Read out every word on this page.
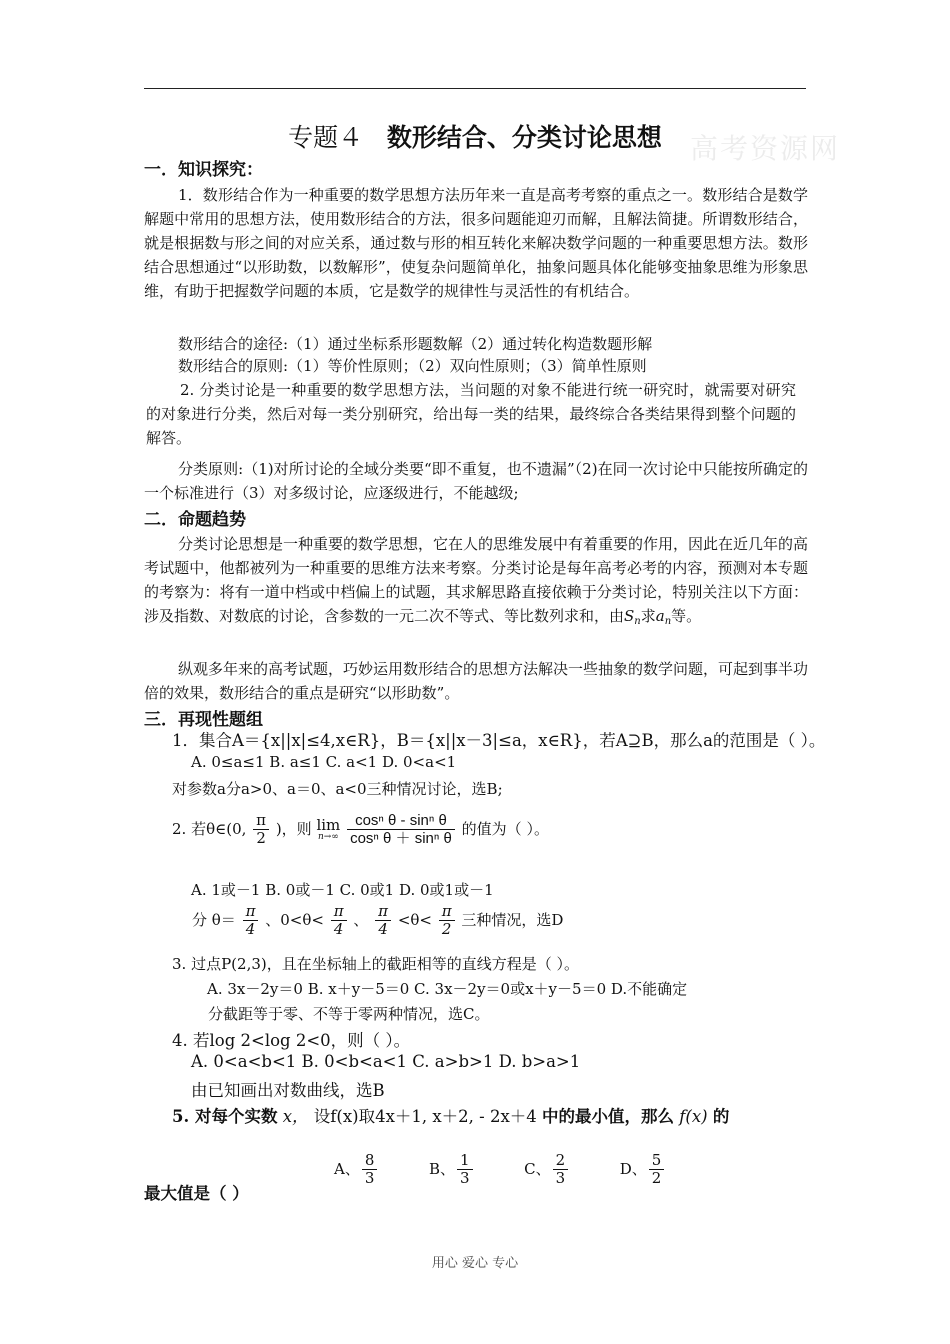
专题４ 数形结合、分类讨论思想	高考资源网
一．知识探究：

1．数形结合作为一种重要的数学思想方法历年来一直是高考考察的重点之一。数形结合是数学解题中常用的思想方法，使用数形结合的方法，很多问题能迎刃而解，且解法简捷。所谓数形结合，就是根据数与形之间的对应关系，通过数与形的相互转化来解决数学问题的一种重要思想方法。数形结合思想通过“以形助数，以数解形”，使复杂问题简单化，抽象问题具体化能够变抽象思维为形象思维，有助于把握数学问题的本质，它是数学的规律性与灵活性的有机结合。

数形结合的途径:（1）通过坐标系形题数解（2）通过转化构造数题形解
数形结合的原则:（1）等价性原则；（2）双向性原则；（3）简单性原则

2. 分类讨论是一种重要的数学思想方法，当问题的对象不能进行统一研究时，就需要对研究的对象进行分类，然后对每一类分别研究，给出每一类的结果，最终综合各类结果得到整个问题的解答。

分类原则:（1)对所讨论的全域分类要“即不重复，也不遗漏”（2)在同一次讨论中只能按所确定的一个标准进行（3）对多级讨论，应逐级进行，不能越级;

二．命题趋势

分类讨论思想是一种重要的数学思想，它在人的思维发展中有着重要的作用，因此在近几年的高考试题中，他都被列为一种重要的思维方法来考察。分类讨论是每年高考必考的内容，预测对本专题的考察为：将有一道中档或中档偏上的试题，其求解思路直接依赖于分类讨论，特别关注以下方面：涉及指数、对数底的讨论，含参数的一元二次不等式、等比数列求和，由$S_n$求$a_n$等。

纵观多年来的高考试题，巧妙运用数形结合的思想方法解决一些抽象的数学问题，可起到事半功倍的效果，数形结合的重点是研究“以形助数”。

三．再现性题组
1．集合A＝{x||x|≤4,x∈R}，B＝{x||x－3|≤a，x∈R}，若A⊇B，那么a的范围是（ ）。
A. 0≤a≤1 B. a≤1 C. a<1 D. 0<a<1
对参数a分a>0、a＝0、a<0三种情况讨论，选B;
2. 若θ∈(0, $\frac{\pi}{2}$ )，则 lim
n→∞
$\frac{\text{cosⁿ θ - sinⁿ θ}}{\text{cosⁿ θ ＋ sinⁿ θ}}$ 的值为（ ）。
A. 1或－1 B. 0或－1 C. 0或1 D. 0或1或－1
分 $\theta= \frac{\pi}{4}$ 、$0<\theta< \frac{\pi}{4}$ 、 $\frac{\pi}{4} <\theta< \frac{\pi}{2}$ 三种情况，选D
3. 过点P(2,3)，且在坐标轴上的截距相等的直线方程是（ ）。
A. 3x－2y＝0 B. x＋y－5＝0 C. 3x－2y＝0或x＋y－5＝0 D.不能确定
分截距等于零、不等于零两种情况，选C。
4. 若log 2<log 2<0，则（ ）。
A. 0<a<b<1 B. 0<b<a<1 C. a>b>1 D. b>a>1
由已知画出对数曲线，选B
5. 对每个实数 x， 设f(x)取4x＋1, x＋2, - 2x＋4 中的最小值，那么 f(x) 的
最大值是（ ）
A、 $\frac{8}{3}$	B、 $\frac{1}{3}$	C、 $\frac{2}{3}$	D、 $\frac{5}{2}$
用心 爱心 专心
